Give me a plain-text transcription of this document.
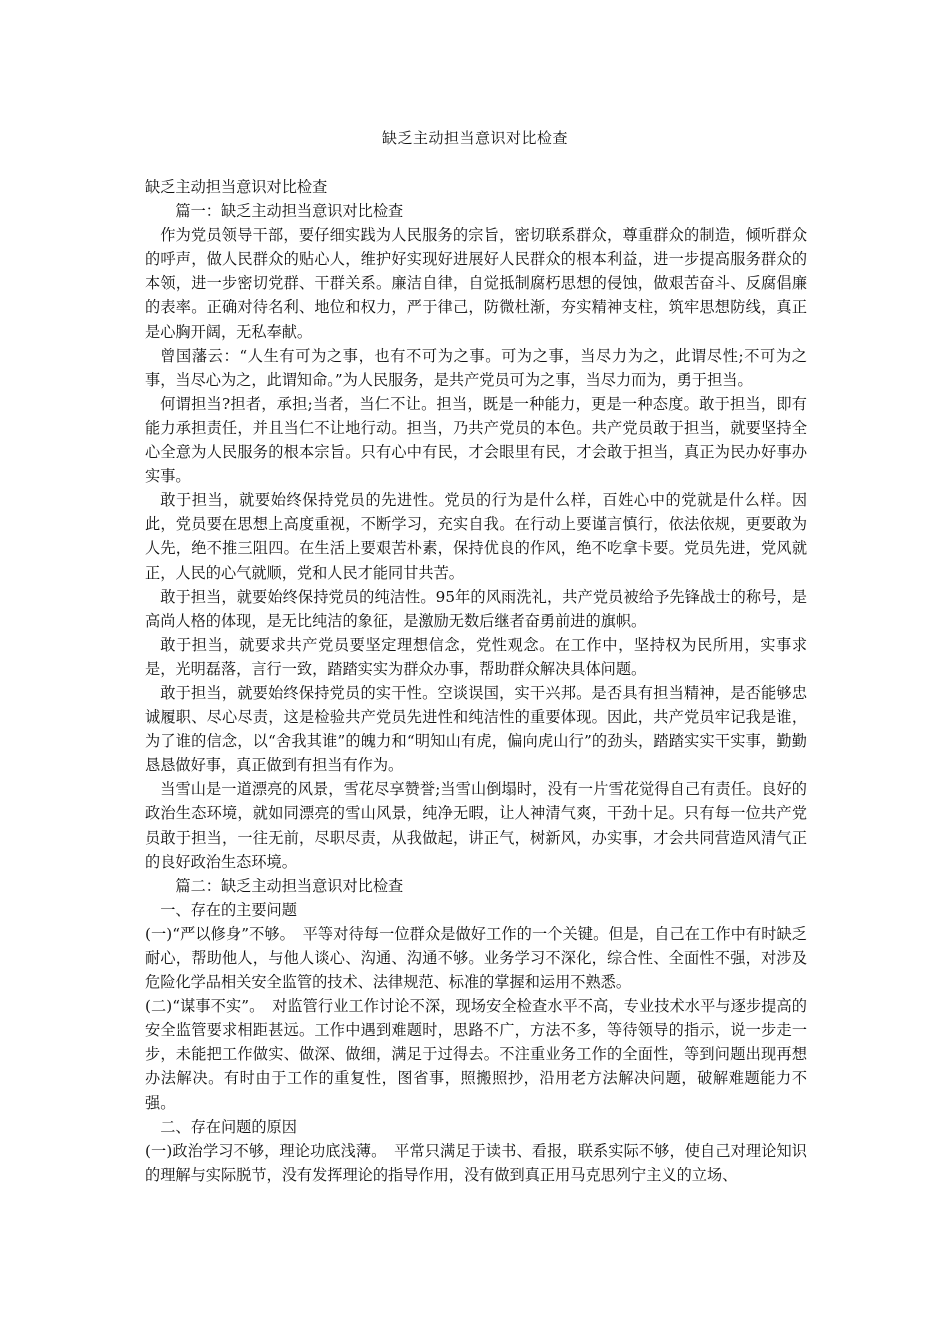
缺乏主动担当意识对比检查

缺乏主动担当意识对比检查

篇一：缺乏主动担当意识对比检查

作为党员领导干部，要仔细实践为人民服务的宗旨，密切联系群众，尊重群众的制造，倾听群众的呼声，做人民群众的贴心人，维护好实现好进展好人民群众的根本利益，进一步提高服务群众的本领，进一步密切党群、干群关系。廉洁自律，自觉抵制腐朽思想的侵蚀，做艰苦奋斗、反腐倡廉的表率。正确对待名利、地位和权力，严于律己，防微杜渐，夯实精神支柱，筑牢思想防线，真正是心胸开阔，无私奉献。

曾国藩云：“人生有可为之事，也有不可为之事。可为之事，当尽力为之，此谓尽性;不可为之事，当尽心为之，此谓知命。”为人民服务，是共产党员可为之事，当尽力而为，勇于担当。

何谓担当?担者，承担;当者，当仁不让。担当，既是一种能力，更是一种态度。敢于担当，即有能力承担责任，并且当仁不让地行动。担当，乃共产党员的本色。共产党员敢于担当，就要坚持全心全意为人民服务的根本宗旨。只有心中有民，才会眼里有民，才会敢于担当，真正为民办好事办实事。

敢于担当，就要始终保持党员的先进性。党员的行为是什么样，百姓心中的党就是什么样。因此，党员要在思想上高度重视，不断学习，充实自我。在行动上要谨言慎行，依法依规，更要敢为人先，绝不推三阻四。在生活上要艰苦朴素，保持优良的作风，绝不吃拿卡要。党员先进，党风就正，人民的心气就顺，党和人民才能同甘共苦。

敢于担当，就要始终保持党员的纯洁性。95年的风雨洗礼，共产党员被给予先锋战士的称号，是高尚人格的体现，是无比纯洁的象征，是激励无数后继者奋勇前进的旗帜。

敢于担当，就要求共产党员要坚定理想信念，党性观念。在工作中，坚持权为民所用，实事求是，光明磊落，言行一致，踏踏实实为群众办事，帮助群众解决具体问题。

敢于担当，就要始终保持党员的实干性。空谈误国，实干兴邦。是否具有担当精神，是否能够忠诚履职、尽心尽责，这是检验共产党员先进性和纯洁性的重要体现。因此，共产党员牢记我是谁，为了谁的信念，以“舍我其谁”的魄力和“明知山有虎，偏向虎山行”的劲头，踏踏实实干实事，勤勤恳恳做好事，真正做到有担当有作为。

当雪山是一道漂亮的风景，雪花尽享赞誉;当雪山倒塌时，没有一片雪花觉得自己有责任。良好的政治生态环境，就如同漂亮的雪山风景，纯净无暇，让人神清气爽，干劲十足。只有每一位共产党员敢于担当，一往无前，尽职尽责，从我做起，讲正气，树新风，办实事，才会共同营造风清气正的良好政治生态环境。

篇二：缺乏主动担当意识对比检查

一、存在的主要问题

(一)“严以修身”不够。　平等对待每一位群众是做好工作的一个关键。但是，自己在工作中有时缺乏耐心，帮助他人，与他人谈心、沟通、沟通不够。业务学习不深化，综合性、全面性不强，对涉及危险化学品相关安全监管的技术、法律规范、标准的掌握和运用不熟悉。

(二)“谋事不实”。　对监管行业工作讨论不深，现场安全检查水平不高，专业技术水平与逐步提高的安全监管要求相距甚远。工作中遇到难题时，思路不广，方法不多，等待领导的指示，说一步走一步，未能把工作做实、做深、做细，满足于过得去。不注重业务工作的全面性，等到问题出现再想办法解决。有时由于工作的重复性，图省事，照搬照抄，沿用老方法解决问题，破解难题能力不强。

二、存在问题的原因

(一)政治学习不够，理论功底浅薄。　平常只满足于读书、看报，联系实际不够，使自己对理论知识的理解与实际脱节，没有发挥理论的指导作用，没有做到真正用马克思列宁主义的立场、
